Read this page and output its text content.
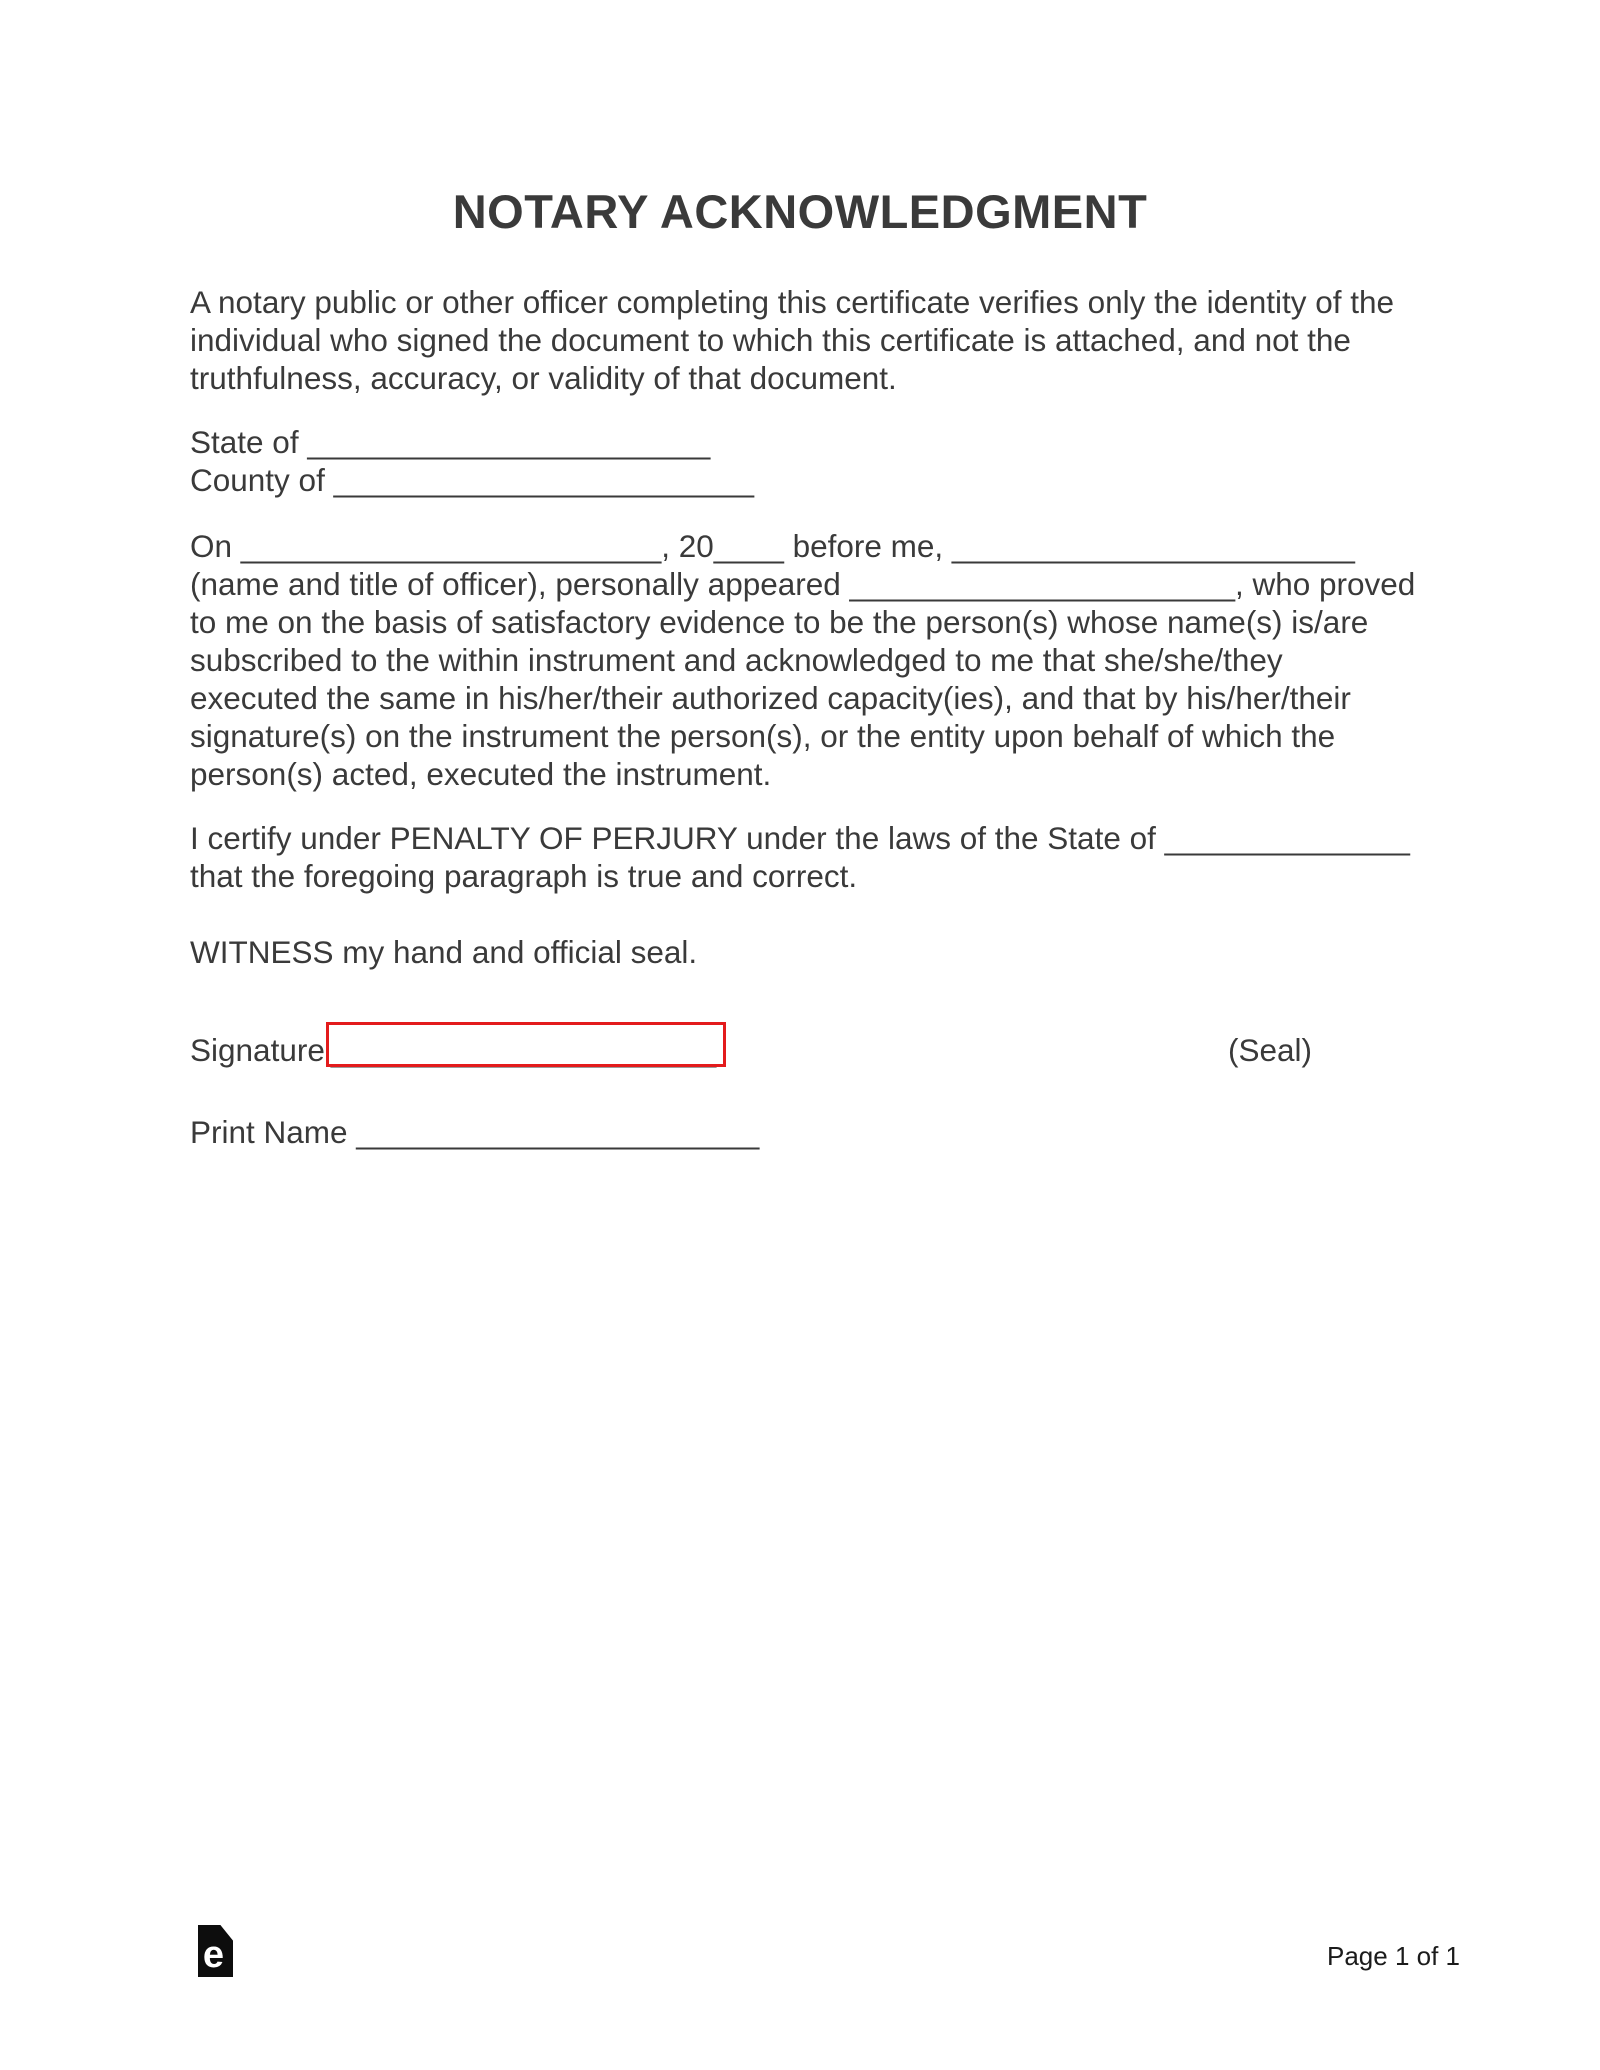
NOTARY ACKNOWLEDGMENT
A notary public or other officer completing this certificate verifies only the identity of the
individual who signed the document to which this certificate is attached, and not the
truthfulness, accuracy, or validity of that document.
State of _______________________
County of ________________________
On ________________________, 20____ before me, _______________________
(name and title of officer), personally appeared ______________________, who proved
to me on the basis of satisfactory evidence to be the person(s) whose name(s) is/are
subscribed to the within instrument and acknowledged to me that she/she/they
executed the same in his/her/their authorized capacity(ies), and that by his/her/their
signature(s) on the instrument the person(s), or the entity upon behalf of which the
person(s) acted, executed the instrument.
I certify under PENALTY OF PERJURY under the laws of the State of ______________
that the foregoing paragraph is true and correct.
WITNESS my hand and official seal.
Signature ______________________	(Seal)
Print Name _______________________
e	Page 1 of 1
